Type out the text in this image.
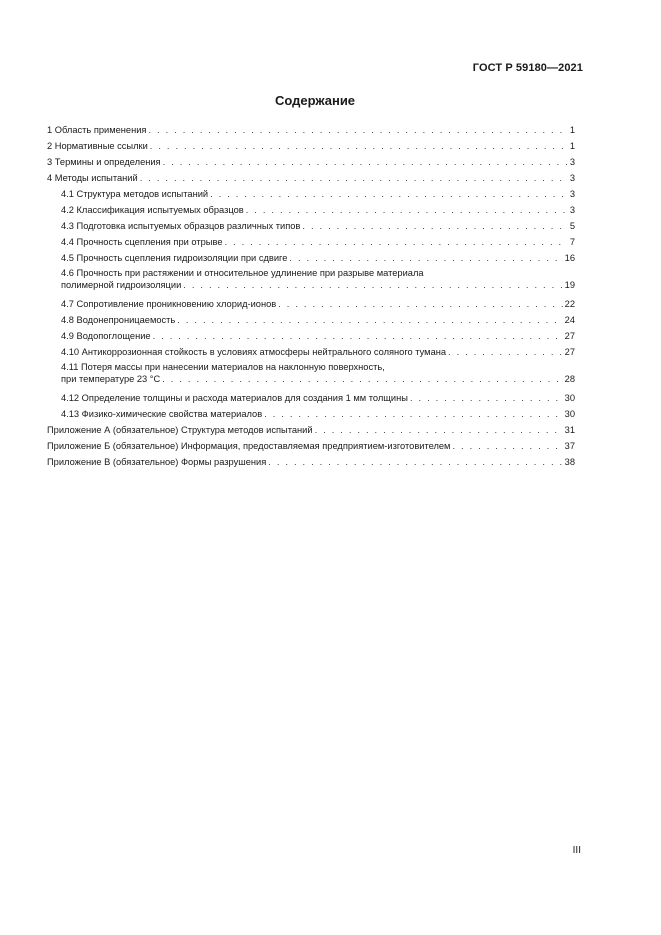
ГОСТ Р 59180—2021
Содержание
1 Область применения . . .	1
2 Нормативные ссылки . . .	1
3 Термины и определения . . .	3
4 Методы испытаний . . .	3
4.1 Структура методов испытаний . . .	3
4.2 Классификация испытуемых образцов . . .	3
4.3 Подготовка испытуемых образцов различных типов . . .	5
4.4 Прочность сцепления при отрыве . . .	7
4.5 Прочность сцепления гидроизоляции при сдвиге . . .	16
4.6 Прочность при растяжении и относительное удлинение при разрыве материала
полимерной гидроизоляции . . .	19
4.7 Сопротивление проникновению хлорид-ионов . . .	22
4.8 Водонепроницаемость . . .	24
4.9 Водопоглощение . . .	27
4.10 Антикоррозионная стойкость в условиях атмосферы нейтрального соляного тумана . . .	27
4.11 Потеря массы при нанесении материалов на наклонную поверхность,
при температуре 23 °C . . .	28
4.12 Определение толщины и расхода материалов для создания 1 мм толщины . . .	30
4.13 Физико-химические свойства материалов . . .	30
Приложение А (обязательное) Структура методов испытаний . . .	31
Приложение Б (обязательное) Информация, предоставляемая предприятием-изготовителем . . .	37
Приложение В (обязательное) Формы разрушения . . .	38
III
